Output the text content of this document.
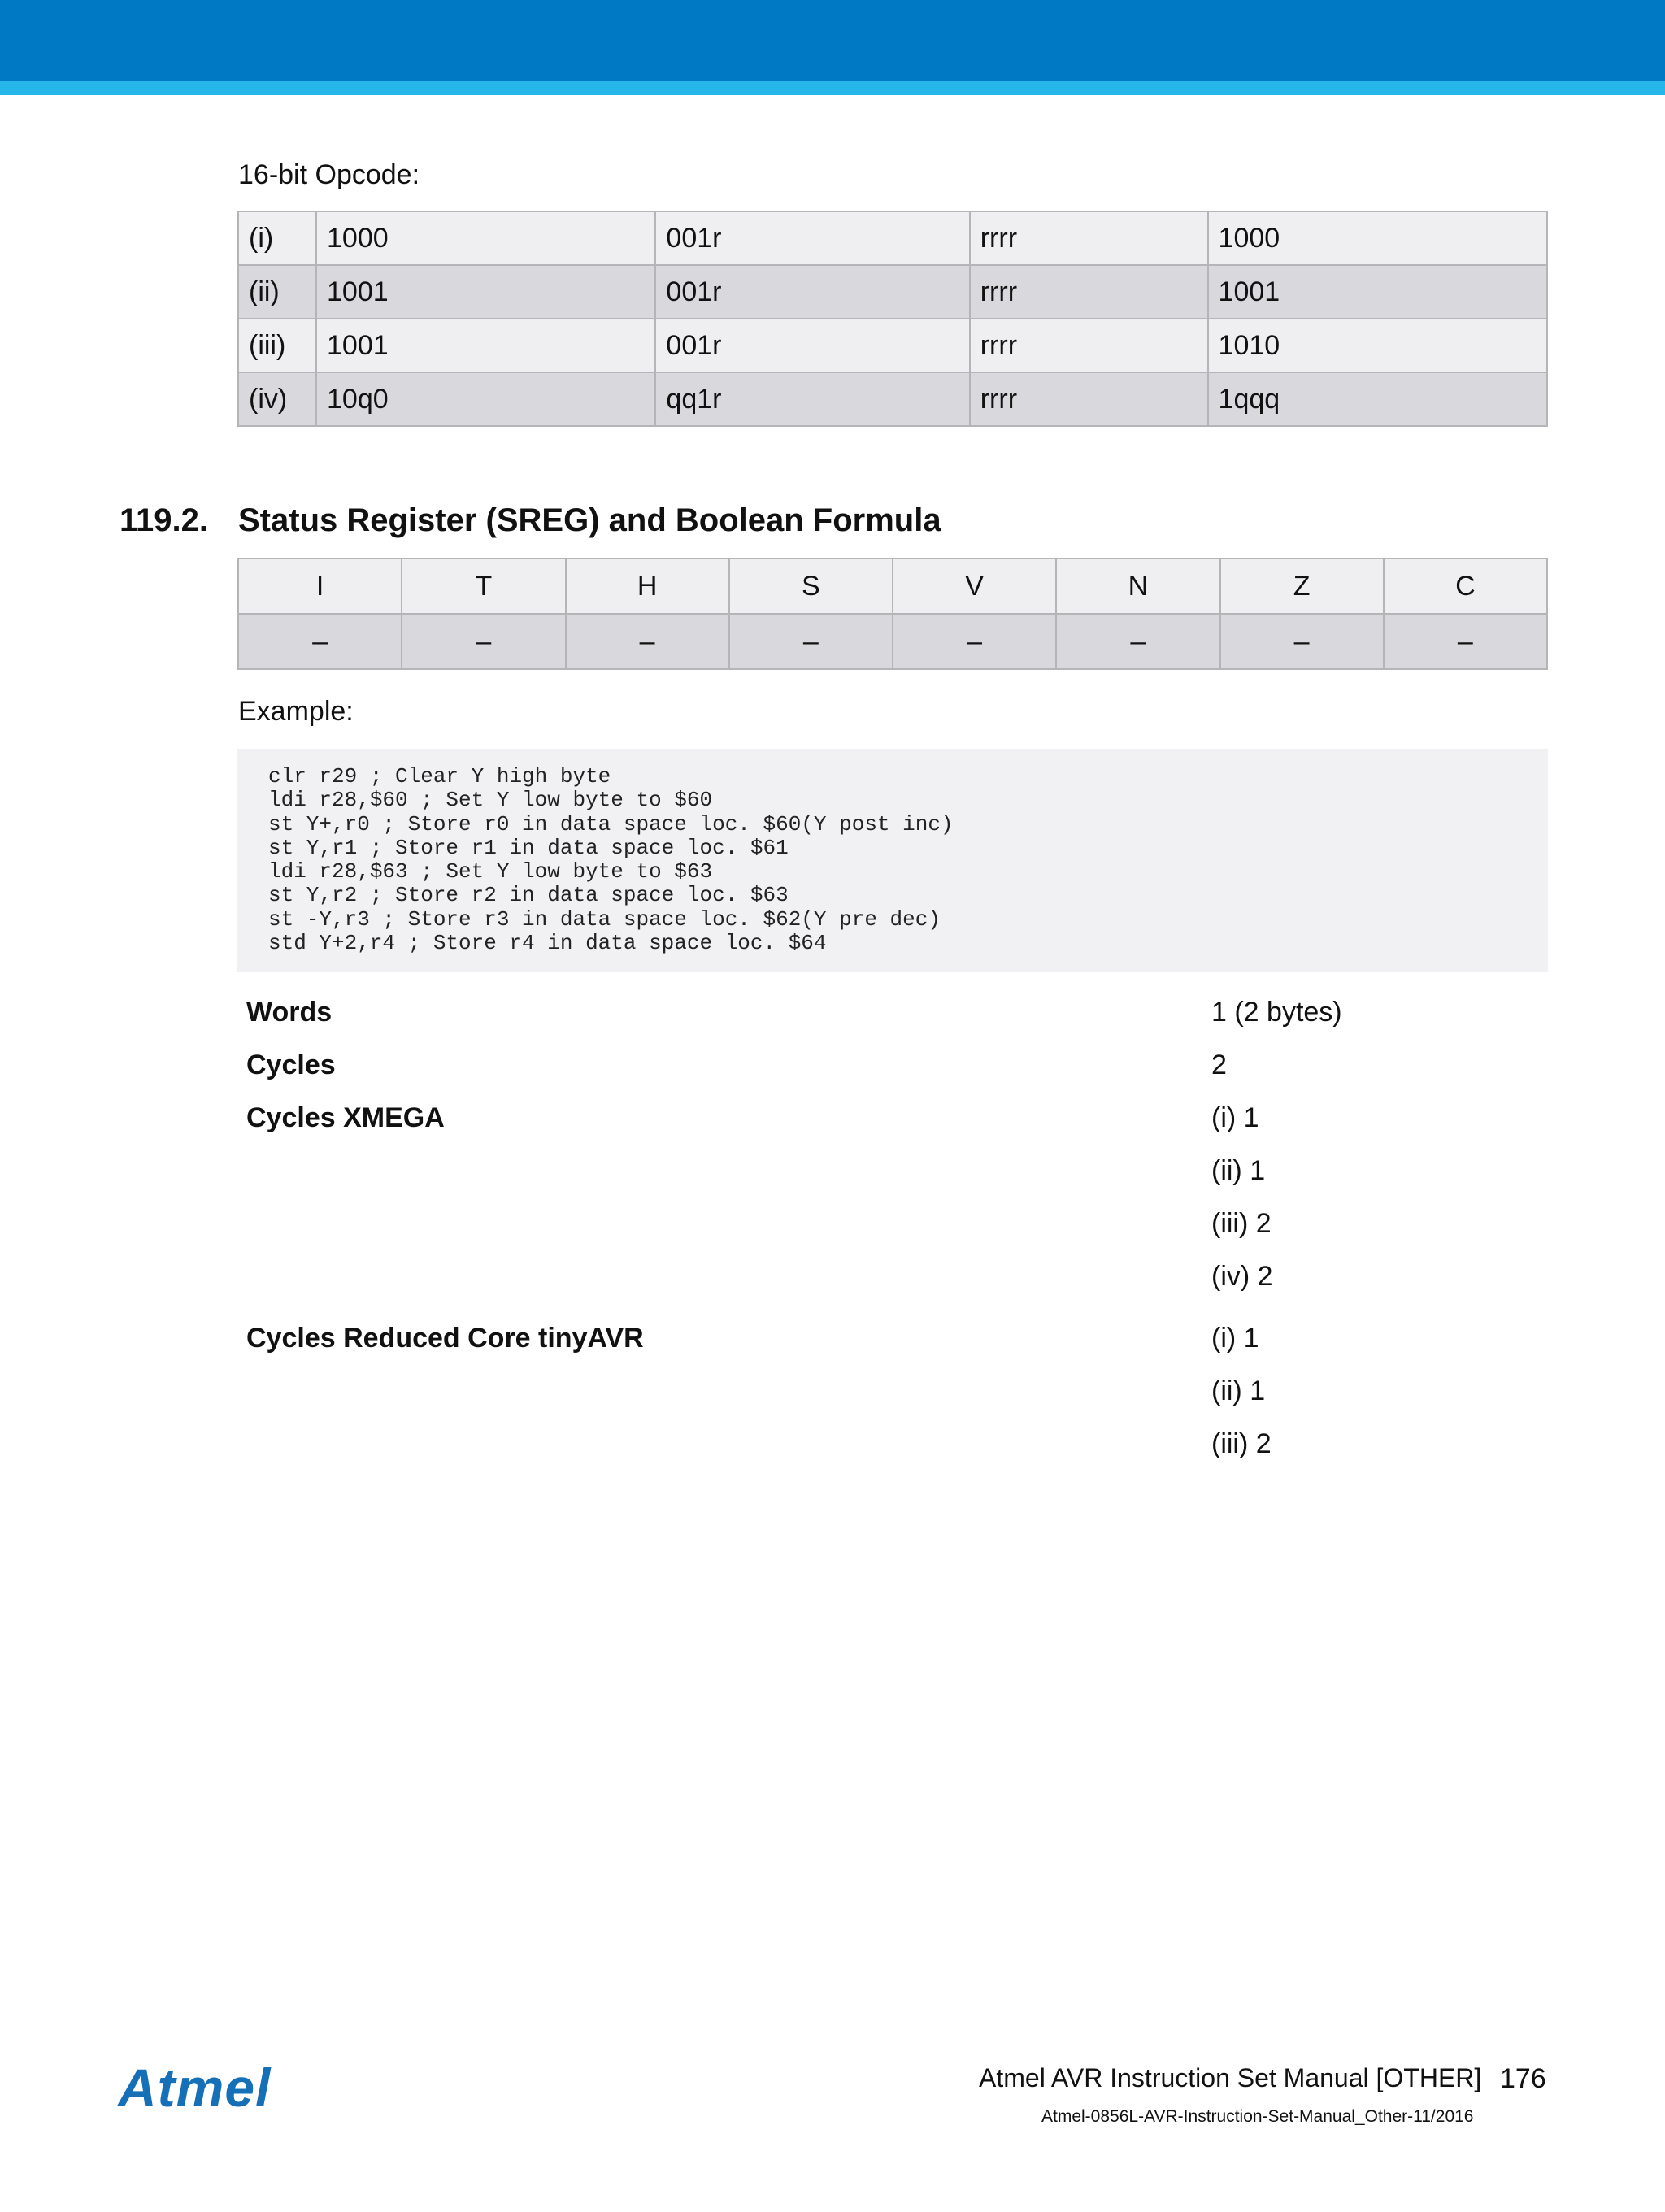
16-bit Opcode:
(i)	1000	001r	rrrr	1000
(ii)	1001	001r	rrrr	1001
(iii)	1001	001r	rrrr	1010
(iv)	10q0	qq1r	rrrr	1qqq
119.2. Status Register (SREG) and Boolean Formula
I	T	H	S	V	N	Z	C
–	–	–	–	–	–	–	–
Example:
clr r29 ; Clear Y high byte
ldi r28,$60 ; Set Y low byte to $60
st Y+,r0 ; Store r0 in data space loc. $60(Y post inc)
st Y,r1 ; Store r1 in data space loc. $61
ldi r28,$63 ; Set Y low byte to $63
st Y,r2 ; Store r2 in data space loc. $63
st -Y,r3 ; Store r3 in data space loc. $62(Y pre dec)
std Y+2,r4 ; Store r4 in data space loc. $64
Words	1 (2 bytes)
Cycles	2
Cycles XMEGA	(i) 1
(ii) 1
(iii) 2
(iv) 2
Cycles Reduced Core tinyAVR	(i) 1
(ii) 1
(iii) 2
Atmel	Atmel AVR Instruction Set Manual [OTHER] 176
Atmel-0856L-AVR-Instruction-Set-Manual_Other-11/2016
